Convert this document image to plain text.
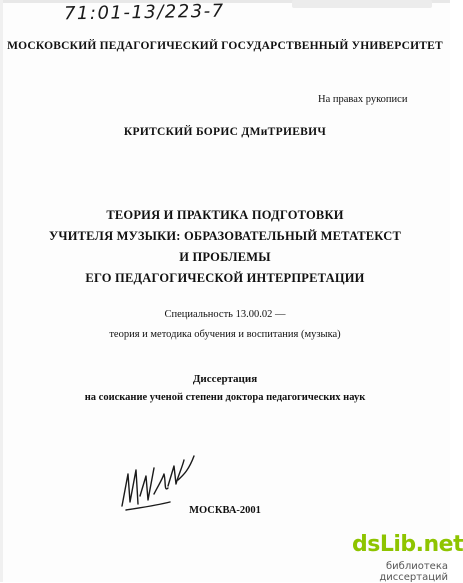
71:01-13/223-7
МОСКОВСКИЙ ПЕДАГОГИЧЕСКИЙ ГОСУДАРСТВЕННЫЙ УНИВЕРСИТЕТ
На правах рукописи
КРИТСКИЙ БОРИС ДМиТРИЕВИЧ
ТЕОРИЯ И ПРАКТИКА ПОДГОТОВКИ
УЧИТЕЛЯ МУЗЫКИ: ОБРАЗОВАТЕЛЬНЫЙ МЕТАТЕКСТ
И ПРОБЛЕМЫ
ЕГО ПЕДАГОГИЧЕСКОЙ ИНТЕРПРЕТАЦИИ
Специальность 13.00.02 —
теория и методика обучения и воспитания (музыка)
Диссертация
на соискание ученой степени доктора педагогических наук
МОСКВА-2001
dsLib.net
библиотека диссертаций
